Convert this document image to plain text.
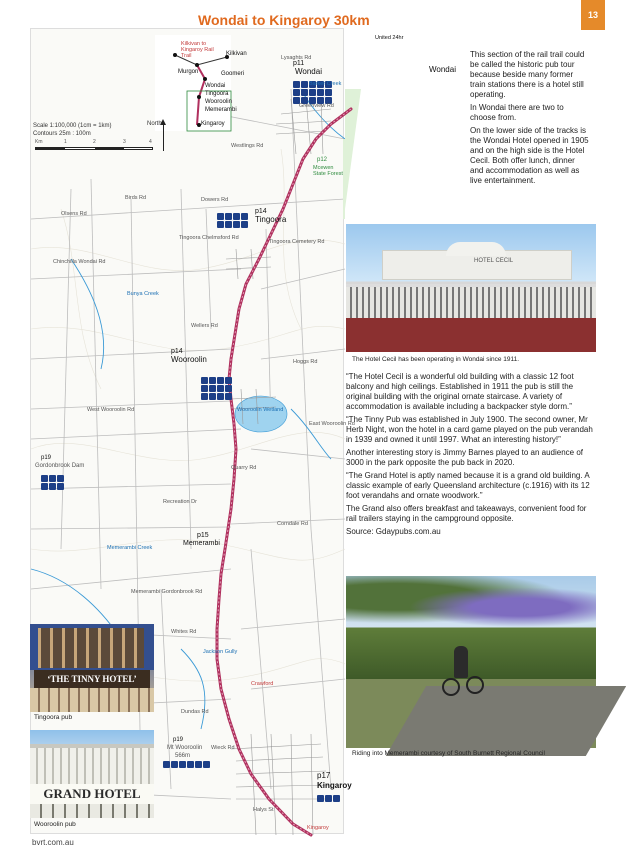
Wondai to Kingaroy 30km	13
Kilkivan to Kingaroy Rail Trail	Kilkivan
Murgon	Goomeri
Wondai
Tingoora
Wooroolin
Memerambi
Kingaroy
Scale 1:100,000 (1cm = 1km)
Contours 25m : 100m
Km	1	2	3	4
North
Wondai
Wondai
p11
p14
Tingoora
p14
Wooroolin
p15
Memerambi
p17
Kingaroy
Kingaroy
p19
Gordonbrook Dam
p19
Mt Wooroolin
566m
p12
Mcewen State Forest
Lysaghts Rd
Greenview Rd
Westlings Rd
Birds Rd
Olsens Rd
Chinchilla Wondai Rd
Dowers Rd
Tingoora Chelmsford Rd
Tingoora Cemetery Rd
Wellers Rd
Hoggs Rd
West Wooroolin Rd
East Wooroolin Rd
Quarry Rd
Recreation Dr
Corndale Rd
Memerambi Gordonbrook Rd
Crawford
Dundas Rd
Wieck Rd
Halys St
Whites Rd
Barker Creek
Bunya Creek
Wooroolin Wetland
Jackson Gully
Memerambi Creek
United 24hr

This section of the rail trail could be called the historic pub tour because beside many former train stations there is a hotel still operating.

In Wondai there are two to choose from.

On the lower side of the tracks is the Wondai Hotel opened in 1905 and on the high side is the Hotel Cecil. Both offer lunch, dinner and accommodation as well as live entertainment.

HOTEL CECIL
The Hotel Cecil has been operating in Wondai since 1911.

“The Hotel Cecil is a wonderful old building with a classic 12 foot balcony and high ceilings. Established in 1911 the pub is still the original building with the original ornate staircase. A variety of accommodation is available including a backpacker style dorm.”

“The Tinny Pub was established in July 1900. The second owner, Mr Herb Night, won the hotel in a card game played on the pub verandah in 1939 and owned it until 1997. What an interesting history!”

Another interesting story is Jimmy Barnes played to an audience of 3000 in the park opposite the pub back in 2020.

“The Grand Hotel is aptly named because it is a grand old building. A classic example of early Queensland architecture (c.1916) with its 12 foot verandahs and ornate woodwork.”

The Grand also offers breakfast and takeaways, convenient food for rail trailers staying in the campground opposite.

Source: Gdaypubs.com.au

Riding into Memerambi courtesy of South Burnett Regional Council
‘THE TINNY HOTEL’
Tingoora pub
GRAND HOTEL
Wooroolin pub
bvrt.com.au
